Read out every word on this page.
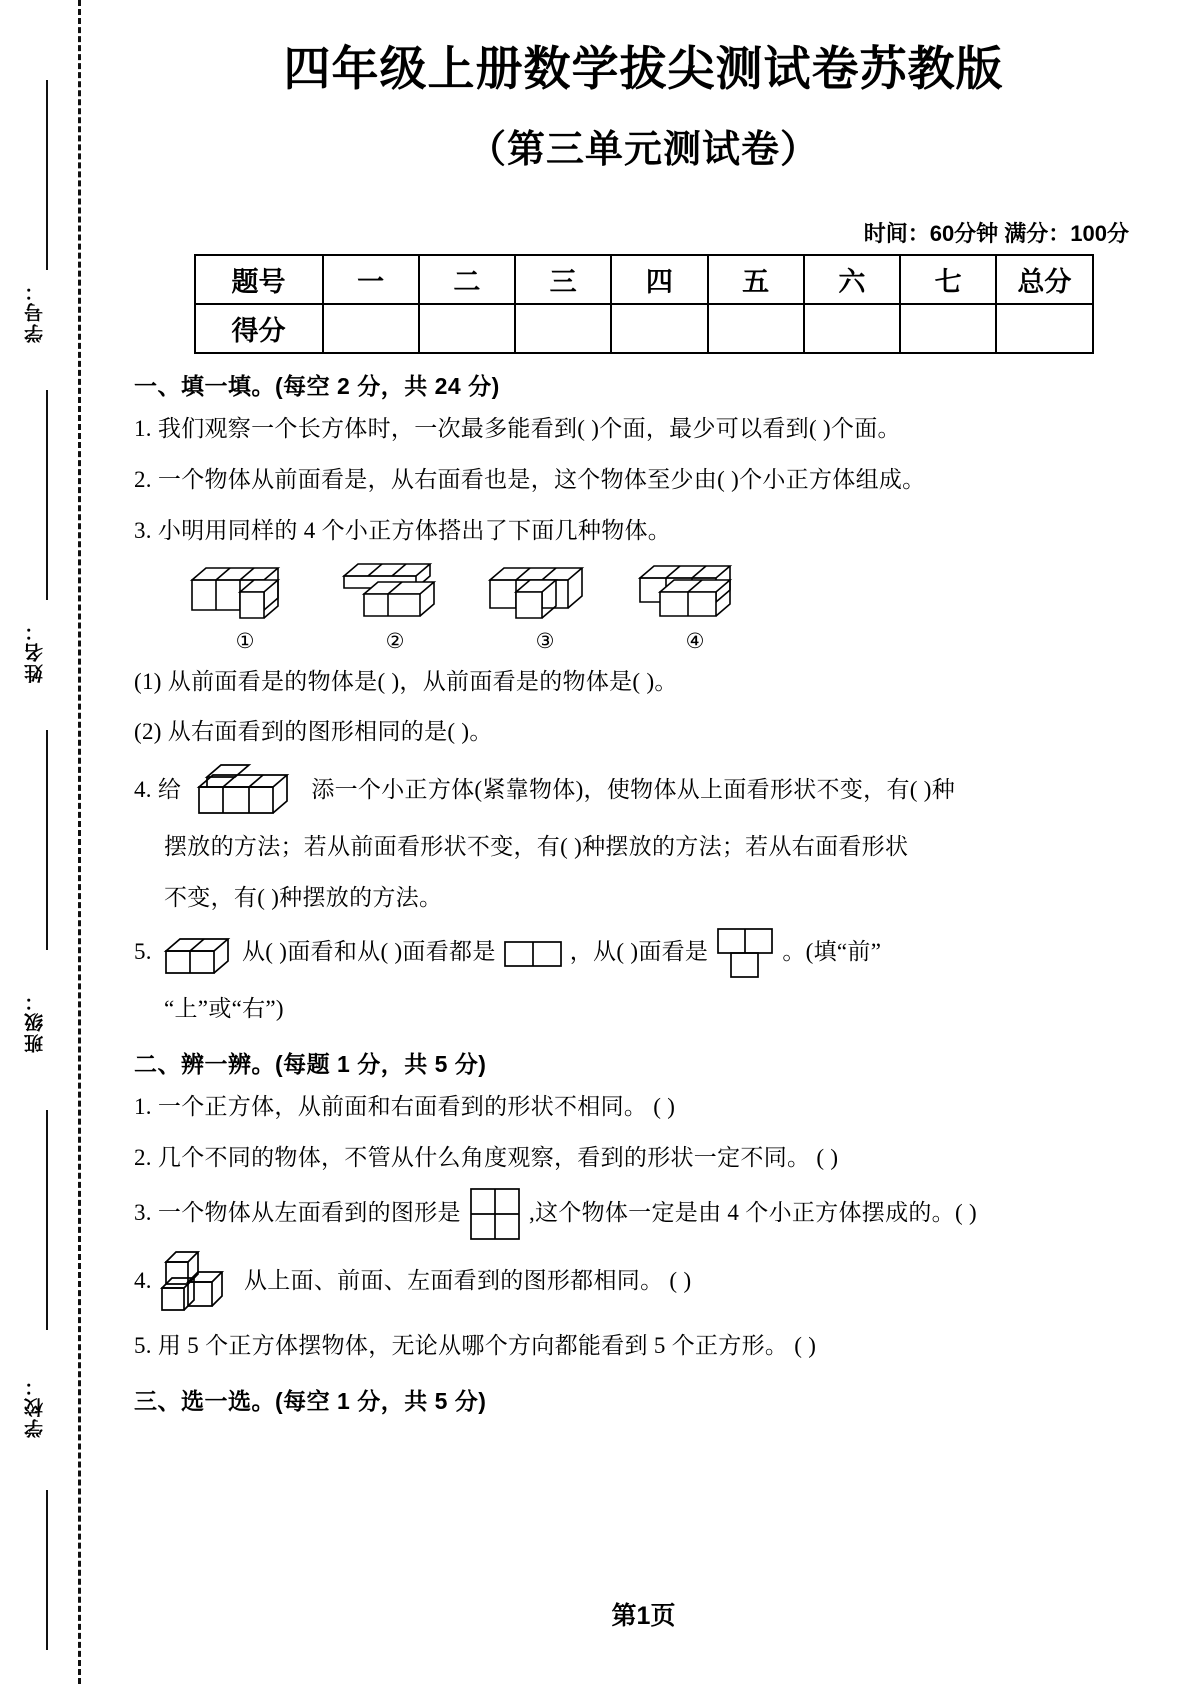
学号：
姓名：
班级：
学校：
四年级上册数学拔尖测试卷苏教版
（第三单元测试卷）
时间：60分钟 满分：100分
题号	一	二	三	四	五	六	七	总分
得分								
一、填一填。(每空 2 分，共 24 分)
1. 我们观察一个长方体时，一次最多能看到( )个面，最少可以看到( )个面。
2. 一个物体从前面看是，从右面看也是，这个物体至少由( )个小正方体组成。
3. 小明用同样的 4 个小正方体搭出了下面几种物体。
①	②	③	④
(1) 从前面看是的物体是( )，从前面看是的物体是( )。
(2) 从右面看到的图形相同的是( )。
4. 给	添一个小正方体(紧靠物体)，使物体从上面看形状不变，有( )种
摆放的方法；若从前面看形状不变，有( )种摆放的方法；若从右面看形状
不变，有( )种摆放的方法。
5.	从( )面看和从( )面看都是	，从( )面看是	。(填“前”
“上”或“右”)
二、辨一辨。(每题 1 分，共 5 分)
1. 一个正方体，从前面和右面看到的形状不相同。 ( )
2. 几个不同的物体，不管从什么角度观察，看到的形状一定不同。 ( )
3. 一个物体从左面看到的图形是	,这个物体一定是由 4 个小正方体摆成的。( )
4.	从上面、前面、左面看到的图形都相同。 ( )
5. 用 5 个正方体摆物体，无论从哪个方向都能看到 5 个正方形。 ( )
三、选一选。(每空 1 分，共 5 分)
第1页
